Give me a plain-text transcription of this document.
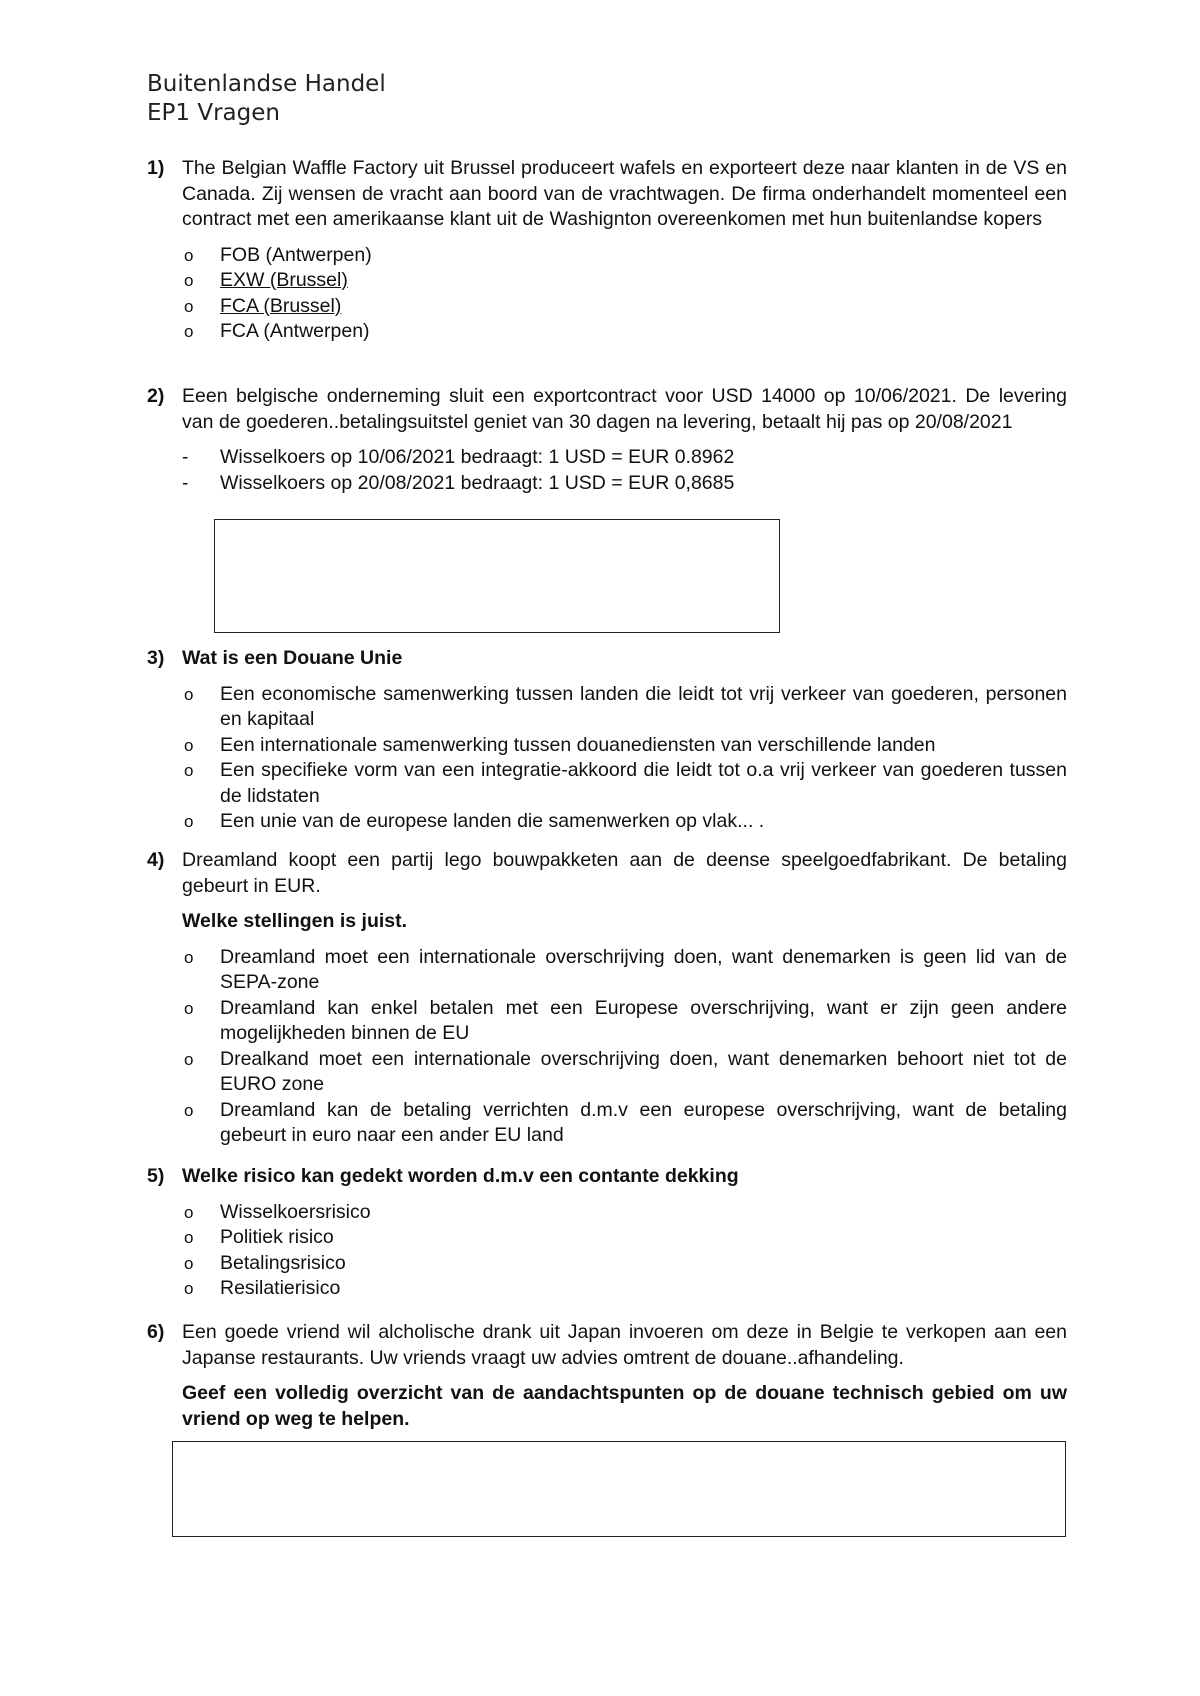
Buitenlandse Handel
EP1 Vragen
1) The Belgian Waffle Factory uit Brussel produceert wafels en exporteert deze naar klanten in de VS en Canada. Zij wensen de vracht aan boord van de vrachtwagen. De firma onderhandelt momenteel een contract met een amerikaanse klant uit de Washignton overeenkomen met hun buitenlandse kopers

o FOB (Antwerpen)
o EXW (Brussel)
o FCA (Brussel)
o FCA (Antwerpen)
2) Eeen belgische onderneming sluit een exportcontract voor USD 14000 op 10/06/2021. De levering van de goederen..betalingsuitstel geniet van 30 dagen na levering, betaalt hij pas op 20/08/2021

- Wisselkoers op 10/06/2021 bedraagt: 1 USD = EUR 0.8962
- Wisselkoers op 20/08/2021 bedraagt: 1 USD = EUR 0,8685
3) Wat is een Douane Unie

o Een economische samenwerking tussen landen die leidt tot vrij verkeer van goederen, personen en kapitaal
o Een internationale samenwerking tussen douanediensten van verschillende landen
o Een specifieke vorm van een integratie-akkoord die leidt tot o.a vrij verkeer van goederen tussen de lidstaten
o Een unie van de europese landen die samenwerken op vlak... .
4) Dreamland koopt een partij lego bouwpakketen aan de deense speelgoedfabrikant. De betaling gebeurt in EUR.

Welke stellingen is juist.

o Dreamland moet een internationale overschrijving doen, want denemarken is geen lid van de SEPA-zone
o Dreamland kan enkel betalen met een Europese overschrijving, want er zijn geen andere mogelijkheden binnen de EU
o Drealkand moet een internationale overschrijving doen, want denemarken behoort niet tot de EURO zone
o Dreamland kan de betaling verrichten d.m.v een europese overschrijving, want de betaling gebeurt in euro naar een ander EU land
5) Welke risico kan gedekt worden d.m.v een contante dekking

o Wisselkoersrisico
o Politiek risico
o Betalingsrisico
o Resilatierisico
6) Een goede vriend wil alcholische drank uit Japan invoeren om deze in Belgie te verkopen aan een Japanse restaurants. Uw vriends vraagt uw advies omtrent de douane..afhandeling.

Geef een volledig overzicht van de aandachtspunten op de douane technisch gebied om uw vriend op weg te helpen.
